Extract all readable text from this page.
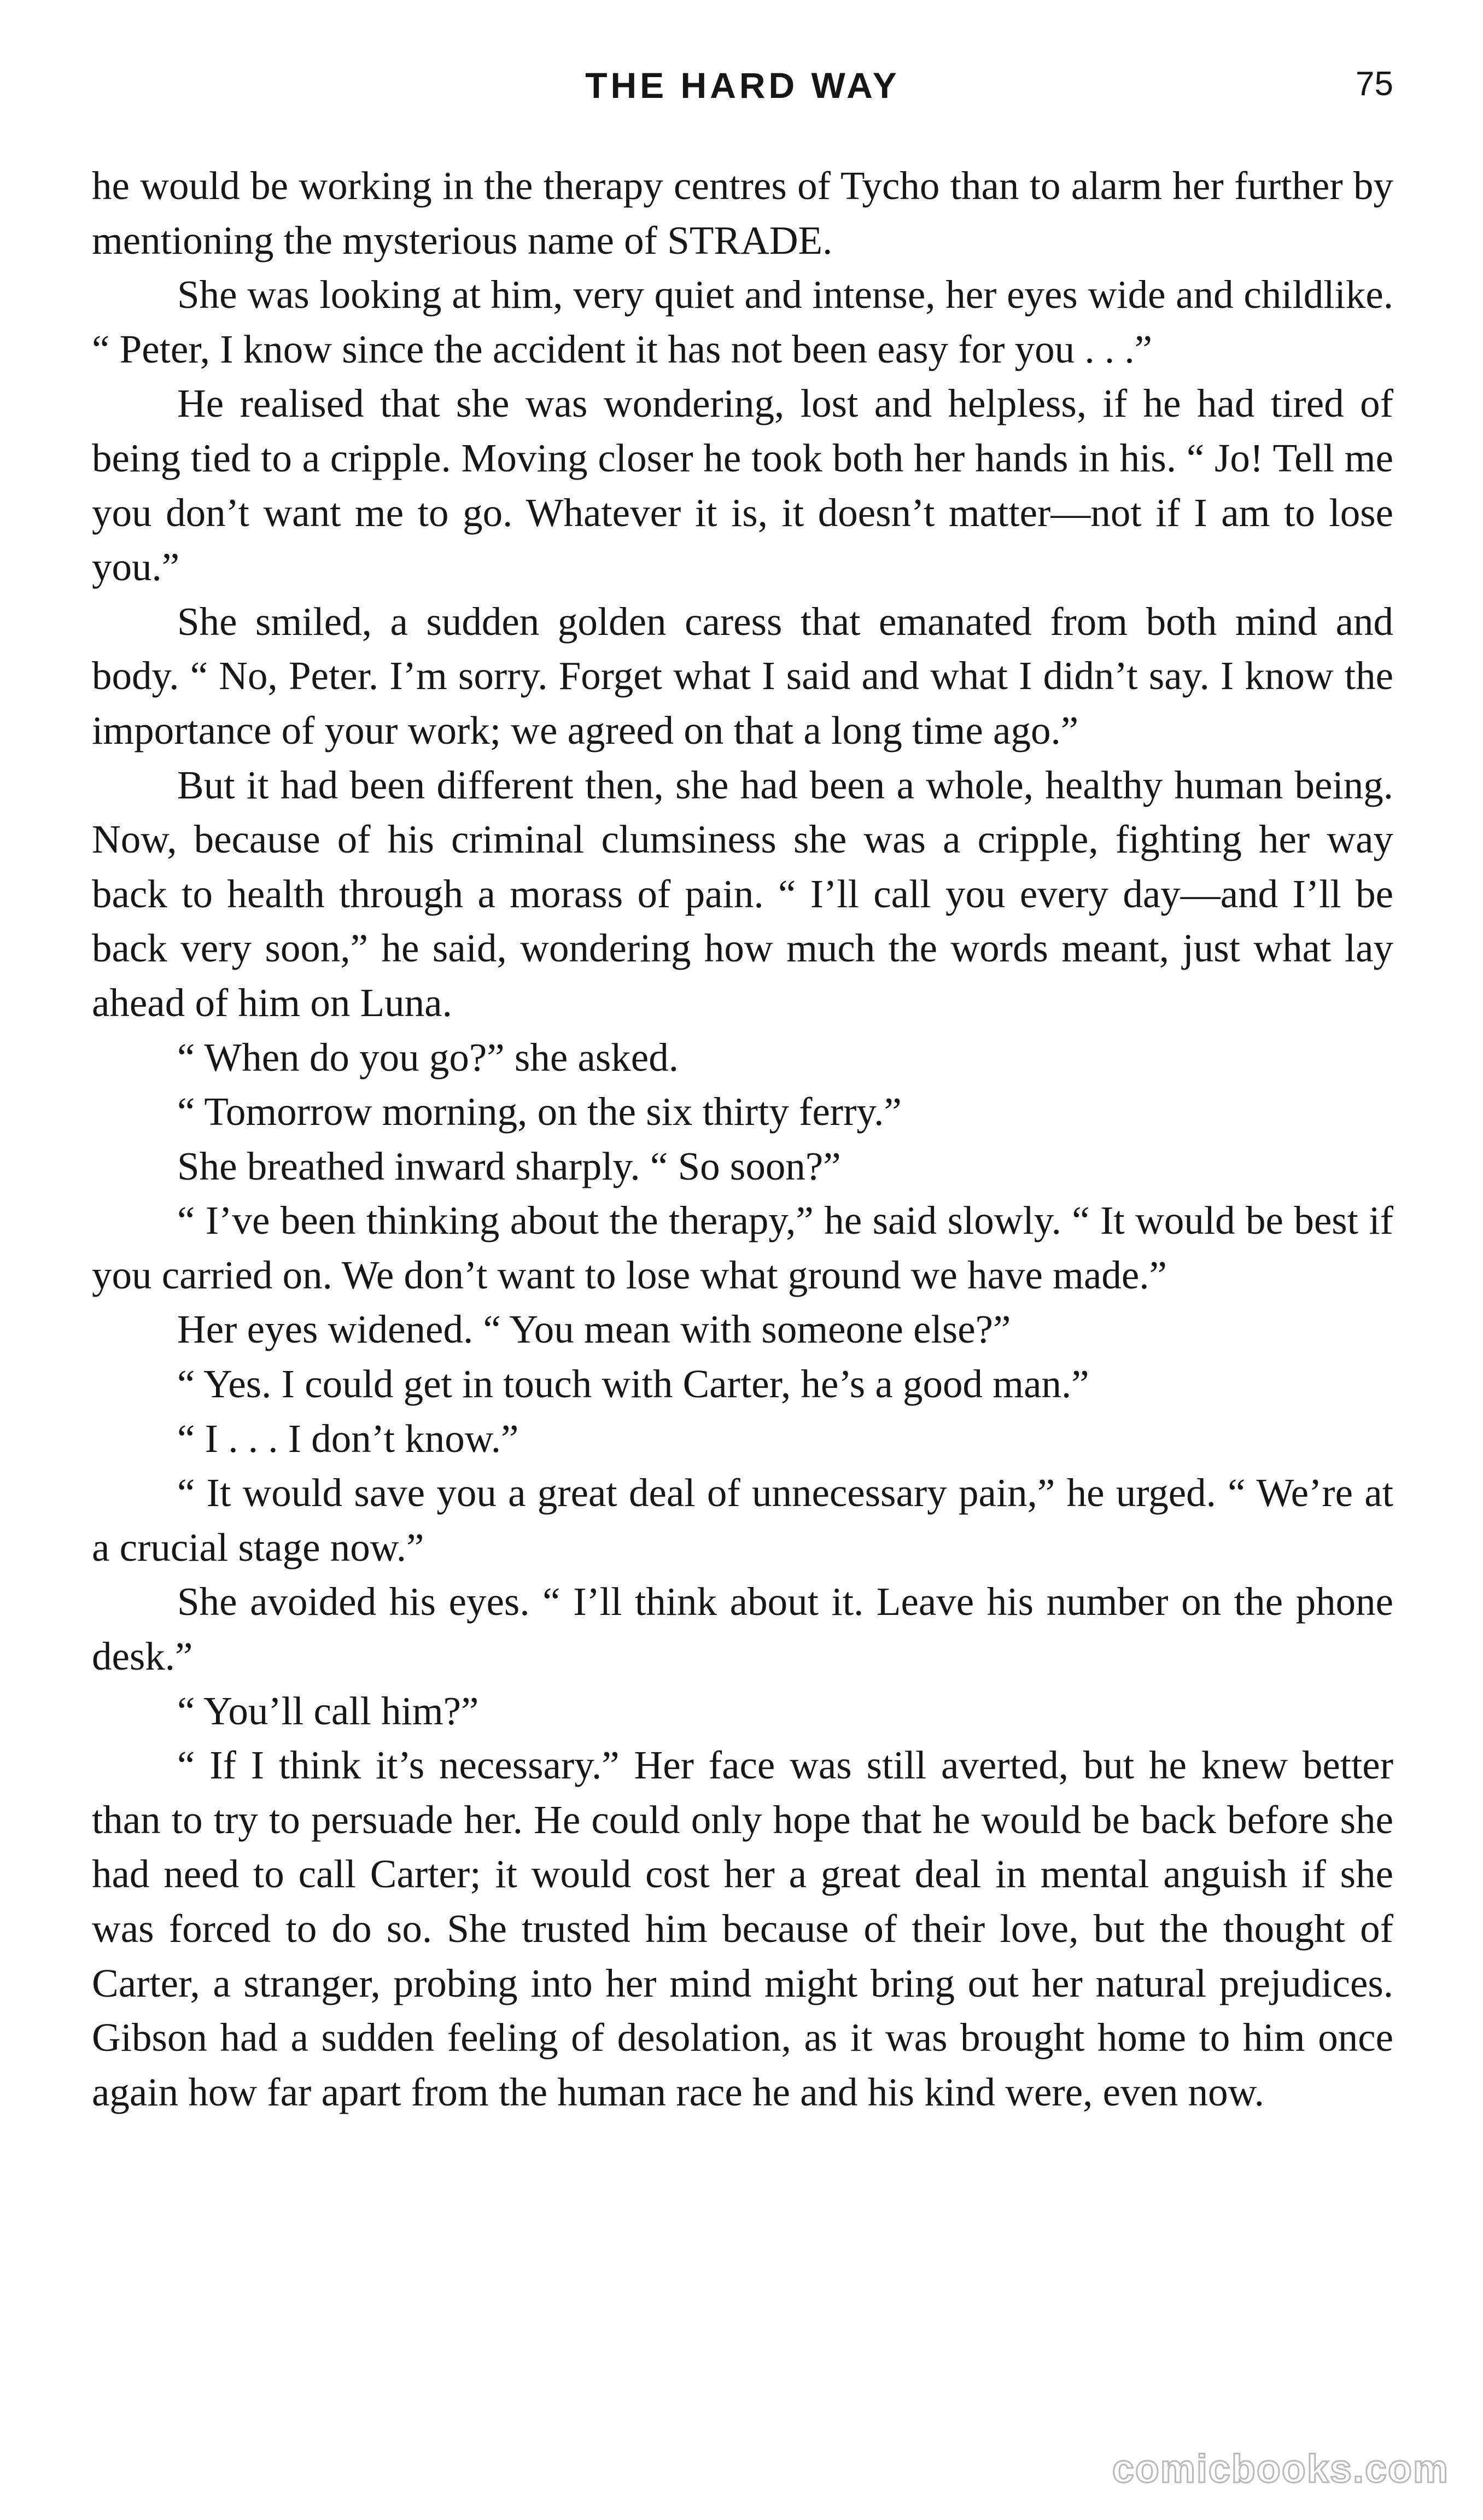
THE HARD WAY	75

he would be working in the therapy centres of Tycho than to alarm her further by mentioning the mysterious name of STRADE.

She was looking at him, very quiet and intense, her eyes wide and childlike. “ Peter, I know since the accident it has not been easy for you . . .”

He realised that she was wondering, lost and helpless, if he had tired of being tied to a cripple. Moving closer he took both her hands in his. “ Jo! Tell me you don’t want me to go. Whatever it is, it doesn’t matter—not if I am to lose you.”

She smiled, a sudden golden caress that emanated from both mind and body. “ No, Peter. I’m sorry. Forget what I said and what I didn’t say. I know the importance of your work; we agreed on that a long time ago.”

But it had been different then, she had been a whole, healthy human being. Now, because of his criminal clumsiness she was a cripple, fighting her way back to health through a morass of pain. “ I’ll call you every day—and I’ll be back very soon,” he said, wondering how much the words meant, just what lay ahead of him on Luna.

“ When do you go?” she asked.

“ Tomorrow morning, on the six thirty ferry.”

She breathed inward sharply. “ So soon?”

“ I’ve been thinking about the therapy,” he said slowly. “ It would be best if you carried on. We don’t want to lose what ground we have made.”

Her eyes widened. “ You mean with someone else?”

“ Yes. I could get in touch with Carter, he’s a good man.”

“ I . . . I don’t know.”

“ It would save you a great deal of unnecessary pain,” he urged. “ We’re at a crucial stage now.”

She avoided his eyes. “ I’ll think about it. Leave his number on the phone desk.”

“ You’ll call him?”

“ If I think it’s necessary.” Her face was still averted, but he knew better than to try to persuade her. He could only hope that he would be back before she had need to call Carter; it would cost her a great deal in mental anguish if she was forced to do so. She trusted him because of their love, but the thought of Carter, a stranger, probing into her mind might bring out her natural prejudices. Gibson had a sudden feeling of desolation, as it was brought home to him once again how far apart from the human race he and his kind were, even now.

comicbooks.com
